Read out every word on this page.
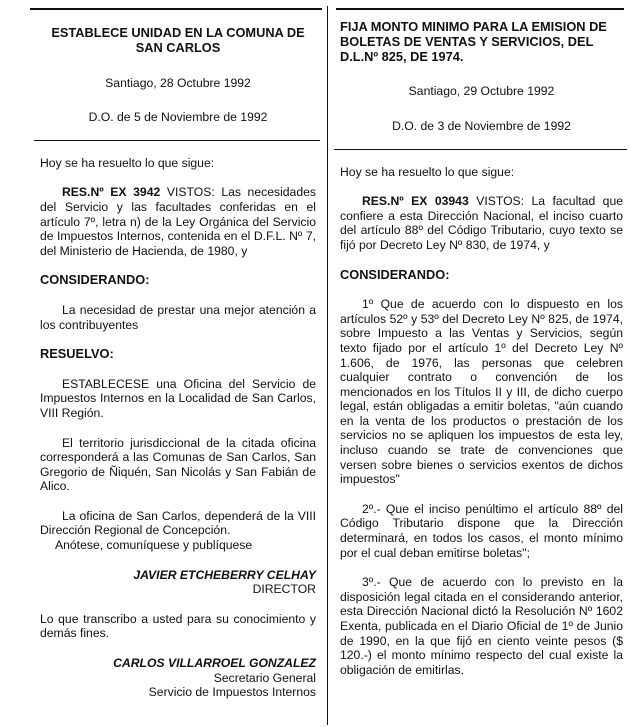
ESTABLECE UNIDAD EN LA COMUNA DE SAN CARLOS

Santiago, 28 Octubre 1992

D.O. de 5 de Noviembre de 1992

Hoy se ha resuelto lo que sigue:

RES.Nº EX 3942 VISTOS: Las necesidades del Servicio y las facultades conferidas en el artículo 7º, letra n) de la Ley Orgánica del Servicio de Impuestos Internos, contenida en el D.F.L. Nº 7, del Ministerio de Hacienda, de 1980, y

CONSIDERANDO:

La necesidad de prestar una mejor atención a los contribuyentes

RESUELVO:

ESTABLECESE una Oficina del Servicio de Impuestos Internos en la Localidad de San Carlos, VIII Región.

El territorio jurisdiccional de la citada oficina corresponderá a las Comunas de San Carlos, San Gregorio de Ñiquén, San Nicolás y San Fabián de Alico.

La oficina de San Carlos, dependerá de la VIII Dirección Regional de Concepción.

Anótese, comuníquese y publíquese

JAVIER ETCHEBERRY CELHAY

DIRECTOR

Lo que transcribo a usted para su conocimiento y demás fines.

CARLOS VILLARROEL GONZALEZ

Secretario General

Servicio de Impuestos Internos

FIJA MONTO MINIMO PARA LA EMISION DE BOLETAS DE VENTAS Y SERVICIOS, DEL D.L.Nº 825, DE 1974.

Santiago, 29 Octubre 1992

D.O. de 3 de Noviembre de 1992

Hoy se ha resuelto lo que sigue:

RES.Nº EX 03943 VISTOS: La facultad que confiere a esta Dirección Nacional, el inciso cuarto del artículo 88º del Código Tributario, cuyo texto se fijó por Decreto Ley Nº 830, de 1974, y

CONSIDERANDO:

1º Que de acuerdo con lo dispuesto en los artículos 52º y 53º del Decreto Ley Nº 825, de 1974, sobre Impuesto a las Ventas y Servicios, según texto fijado por el artículo 1º del Decreto Ley Nº 1.606, de 1976, las personas que celebren cualquier contrato o convención de los mencionados en los Títulos II y III, de dicho cuerpo legal, están obligadas a emitir boletas, "aún cuando en la venta de los productos o prestación de los servicios no se apliquen los impuestos de esta ley, incluso cuando se trate de convenciones que versen sobre bienes o servicios exentos de dichos impuestos"

2º.- Que el inciso penúltimo el artículo 88º del Código Tributario dispone que la Dirección determinará, en todos los casos, el monto mínimo por el cual deban emitirse boletas";

3º.- Que de acuerdo con lo previsto en la disposición legal citada en el considerando anterior, esta Dirección Nacional dictó la Resolución Nº 1602 Exenta, publicada en el Diario Oficial de 1º de Junio de 1990, en la que fijó en ciento veinte pesos ($ 120.-) el monto mínimo respecto del cual existe la obligación de emitirlas.
